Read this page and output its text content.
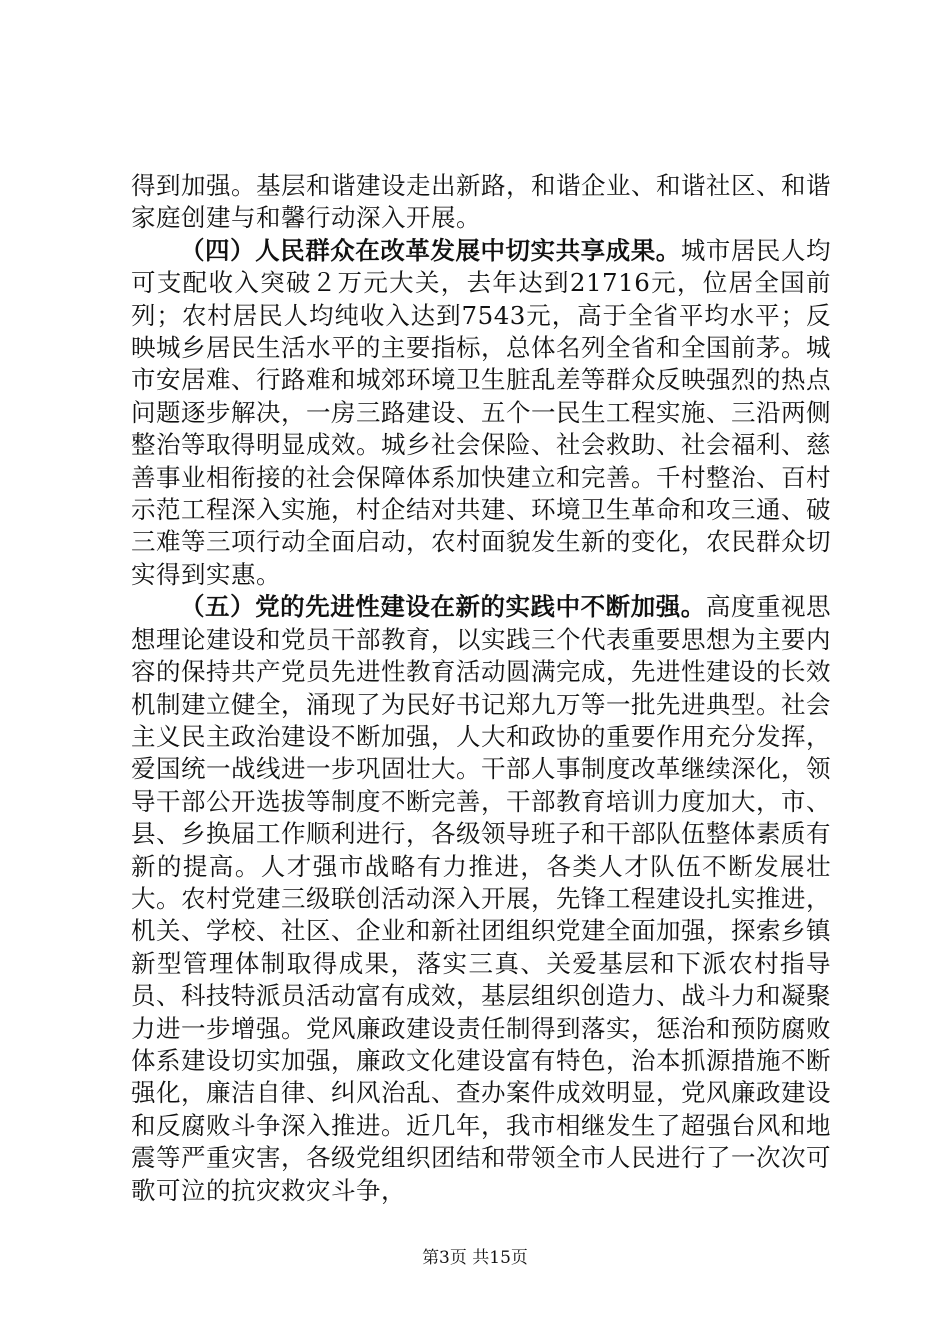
得到加强。基层和谐建设走出新路，和谐企业、和谐社区、和谐家庭创建与和馨行动深入开展。

（四）人民群众在改革发展中切实共享成果。城市居民人均可支配收入突破２万元大关，去年达到21716元，位居全国前列；农村居民人均纯收入达到7543元，高于全省平均水平；反映城乡居民生活水平的主要指标，总体名列全省和全国前茅。城市安居难、行路难和城郊环境卫生脏乱差等群众反映强烈的热点问题逐步解决，一房三路建设、五个一民生工程实施、三沿两侧整治等取得明显成效。城乡社会保险、社会救助、社会福利、慈善事业相衔接的社会保障体系加快建立和完善。千村整治、百村示范工程深入实施，村企结对共建、环境卫生革命和攻三通、破三难等三项行动全面启动，农村面貌发生新的变化，农民群众切实得到实惠。

（五）党的先进性建设在新的实践中不断加强。高度重视思想理论建设和党员干部教育，以实践三个代表重要思想为主要内容的保持共产党员先进性教育活动圆满完成，先进性建设的长效机制建立健全，涌现了为民好书记郑九万等一批先进典型。社会主义民主政治建设不断加强，人大和政协的重要作用充分发挥，爱国统一战线进一步巩固壮大。干部人事制度改革继续深化，领导干部公开选拔等制度不断完善，干部教育培训力度加大，市、县、乡换届工作顺利进行，各级领导班子和干部队伍整体素质有新的提高。人才强市战略有力推进，各类人才队伍不断发展壮大。农村党建三级联创活动深入开展，先锋工程建设扎实推进，机关、学校、社区、企业和新社团组织党建全面加强，探索乡镇新型管理体制取得成果，落实三真、关爱基层和下派农村指导员、科技特派员活动富有成效，基层组织创造力、战斗力和凝聚力进一步增强。党风廉政建设责任制得到落实，惩治和预防腐败体系建设切实加强，廉政文化建设富有特色，治本抓源措施不断强化，廉洁自律、纠风治乱、查办案件成效明显，党风廉政建设和反腐败斗争深入推进。近几年，我市相继发生了超强台风和地震等严重灾害，各级党组织团结和带领全市人民进行了一次次可歌可泣的抗灾救灾斗争，

第3页 共15页
